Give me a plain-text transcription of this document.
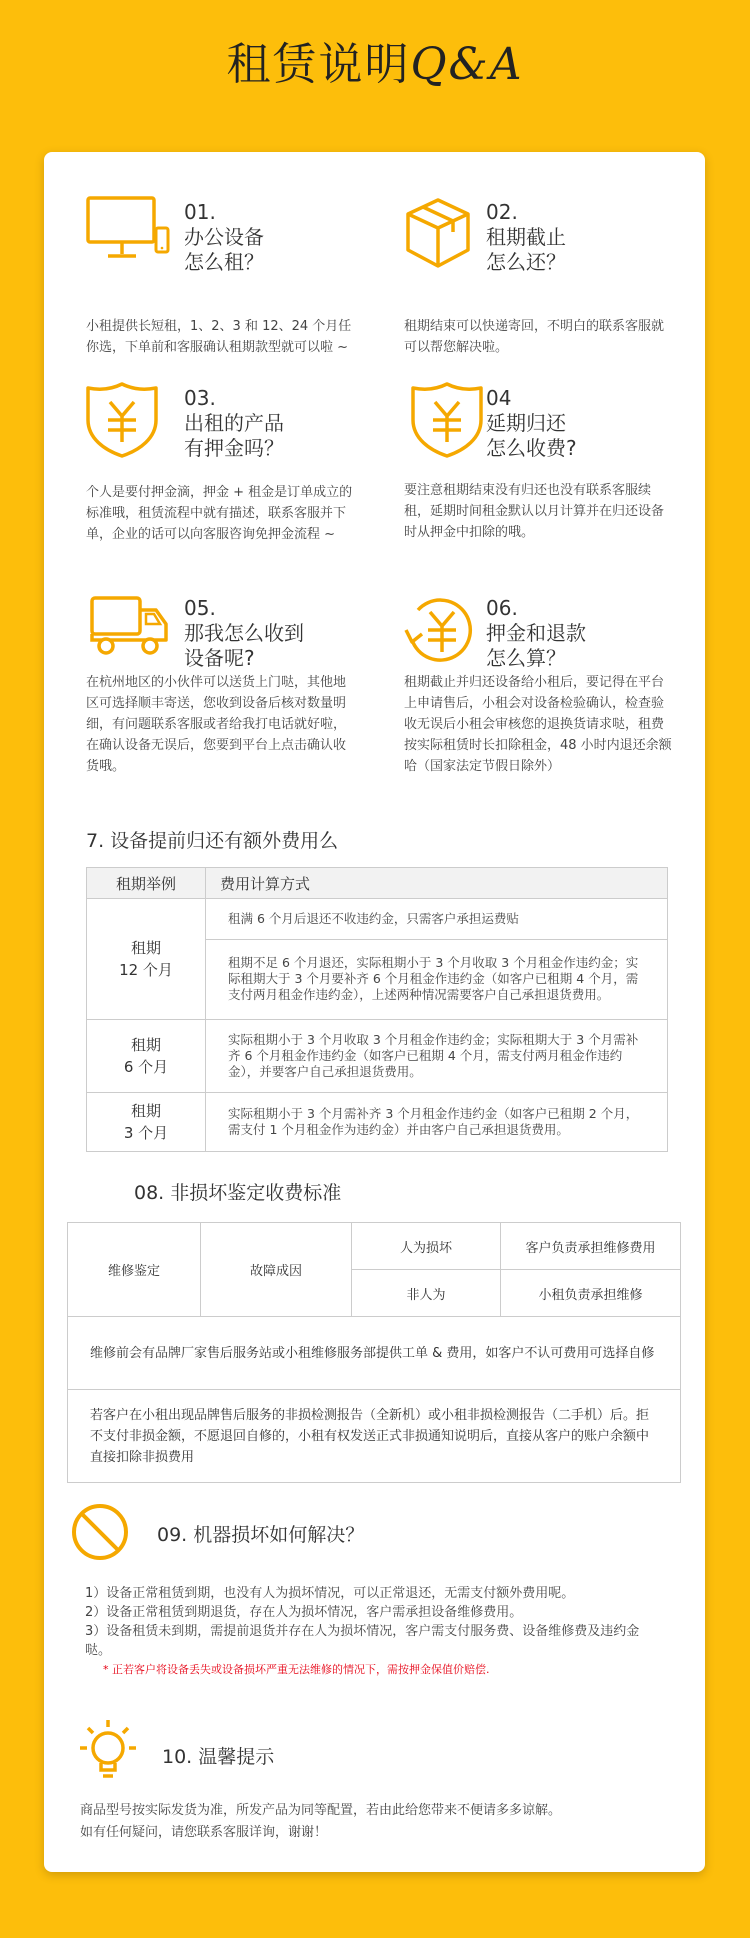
租赁说明Q&A
01.
办公设备
怎么租？
小租提供长短租，1、2、3 和 12、24 个月任你选，下单前和客服确认租期款型就可以啦 ~
02.
租期截止
怎么还？
租期结束可以快递寄回，不明白的联系客服就可以帮您解决啦。
03.
出租的产品
有押金吗？
个人是要付押金滴，押金 + 租金是订单成立的标准哦，租赁流程中就有描述，联系客服并下单，企业的话可以向客服咨询免押金流程 ~
04
延期归还
怎么收费?
要注意租期结束没有归还也没有联系客服续租，延期时间租金默认以月计算并在归还设备时从押金中扣除的哦。
05.
那我怎么收到
设备呢?
在杭州地区的小伙伴可以送货上门哒，其他地区可选择顺丰寄送，您收到设备后核对数量明细，有问题联系客服或者给我打电话就好啦，在确认设备无误后，您要到平台上点击确认收货哦。
06.
押金和退款
怎么算？
租期截止并归还设备给小租后，要记得在平台上申请售后，小租会对设备检验确认，检查验收无误后小租会审核您的退换货请求哒，租费按实际租赁时长扣除租金，48 小时内退还余额哈（国家法定节假日除外）
7. 设备提前归还有额外费用么
租期举例	费用计算方式

租期
12 个月	租满 6 个月后退还不收违约金，只需客户承担运费贴
	租期不足 6 个月退还，实际租期小于 3 个月收取 3 个月租金作违约金；实际租期大于 3 个月要补齐 6 个月租金作违约金（如客户已租期 4 个月，需支付两月租金作违约金），上述两种情况需要客户自己承担退货费用。

租期
6 个月	实际租期小于 3 个月收取 3 个月租金作违约金；实际租期大于 3 个月需补齐 6 个月租金作违约金（如客户已租期 4 个月，需支付两月租金作违约金），并要客户自己承担退货费用。

租期
3 个月	实际租期小于 3 个月需补齐 3 个月租金作违约金（如客户已租期 2 个月，需支付 1 个月租金作为违约金）并由客户自己承担退货费用。
08. 非损坏鉴定收费标准
维修鉴定	故障成因	人为损坏	客户负责承担维修费用
		非人为	小租负责承担维修
维修前会有品牌厂家售后服务站或小租维修服务部提供工单 & 费用，如客户不认可费用可选择自修			
若客户在小租出现品牌售后服务的非损检测报告（全新机）或小租非损检测报告（二手机）后。拒不支付非损金额，不愿退回自修的，小租有权发送正式非损通知说明后，直接从客户的账户余额中直接扣除非损费用			
09. 机器损坏如何解决？
1）设备正常租赁到期，也没有人为损坏情况，可以正常退还，无需支付额外费用呢。
2）设备正常租赁到期退货，存在人为损坏情况，客户需承担设备维修费用。
3）设备租赁未到期，需提前退货并存在人为损坏情况，客户需支付服务费、设备维修费及违约金哒。
* 正若客户将设备丢失或设备损坏严重无法维修的情况下，需按押金保值价赔偿.
10. 温馨提示
商品型号按实际发货为准，所发产品为同等配置，若由此给您带来不便请多多谅解。
如有任何疑问，请您联系客服详询，谢谢！
